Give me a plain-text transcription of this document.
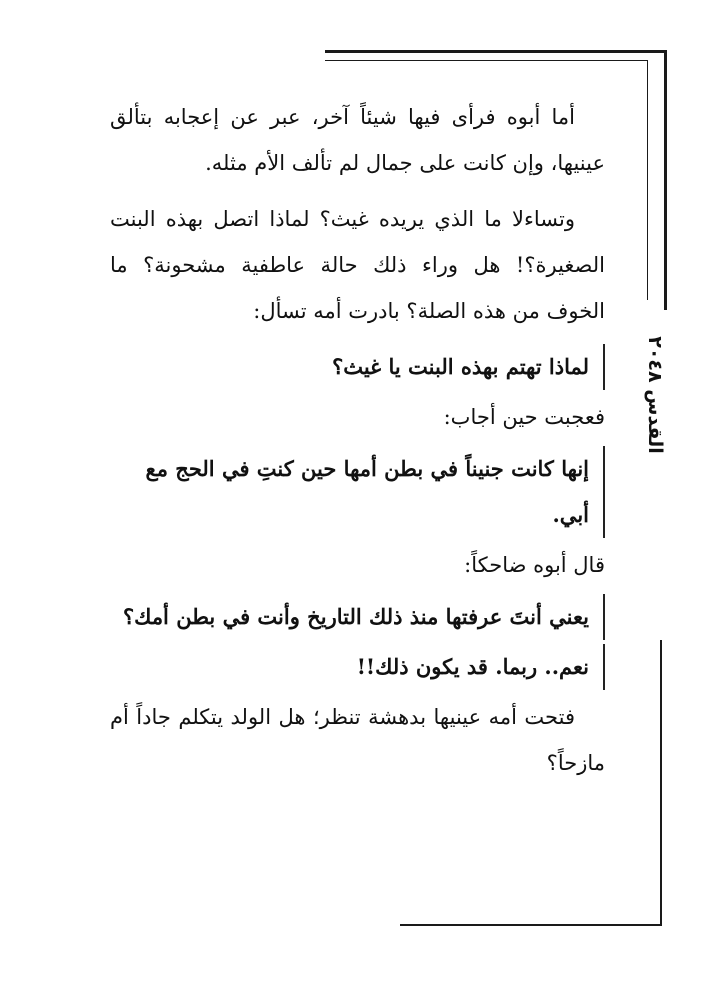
القدس ٢٠٤٨

أما أبوه فرأى فيها شيئاً آخر، عبر عن إعجابه بتألق عينيها، وإن كانت على جمال لم تألف الأم مثله.

وتساءلا ما الذي يريده غيث؟ لماذا اتصل بهذه البنت الصغيرة؟! هل وراء ذلك حالة عاطفية مشحونة؟ ما الخوف من هذه الصلة؟ بادرت أمه تسأل:

لماذا تهتم بهذه البنت يا غيث؟
فعجبت حين أجاب:
إنها كانت جنيناً في بطن أمها حين كنتِ في الحج مع أبي.
قال أبوه ضاحكاً:
يعني أنتَ عرفتها منذ ذلك التاريخ وأنت في بطن أمك؟
نعم.. ربما. قد يكون ذلك!!

فتحت أمه عينيها بدهشة تنظر؛ هل الولد يتكلم جاداً أم مازحاً؟
